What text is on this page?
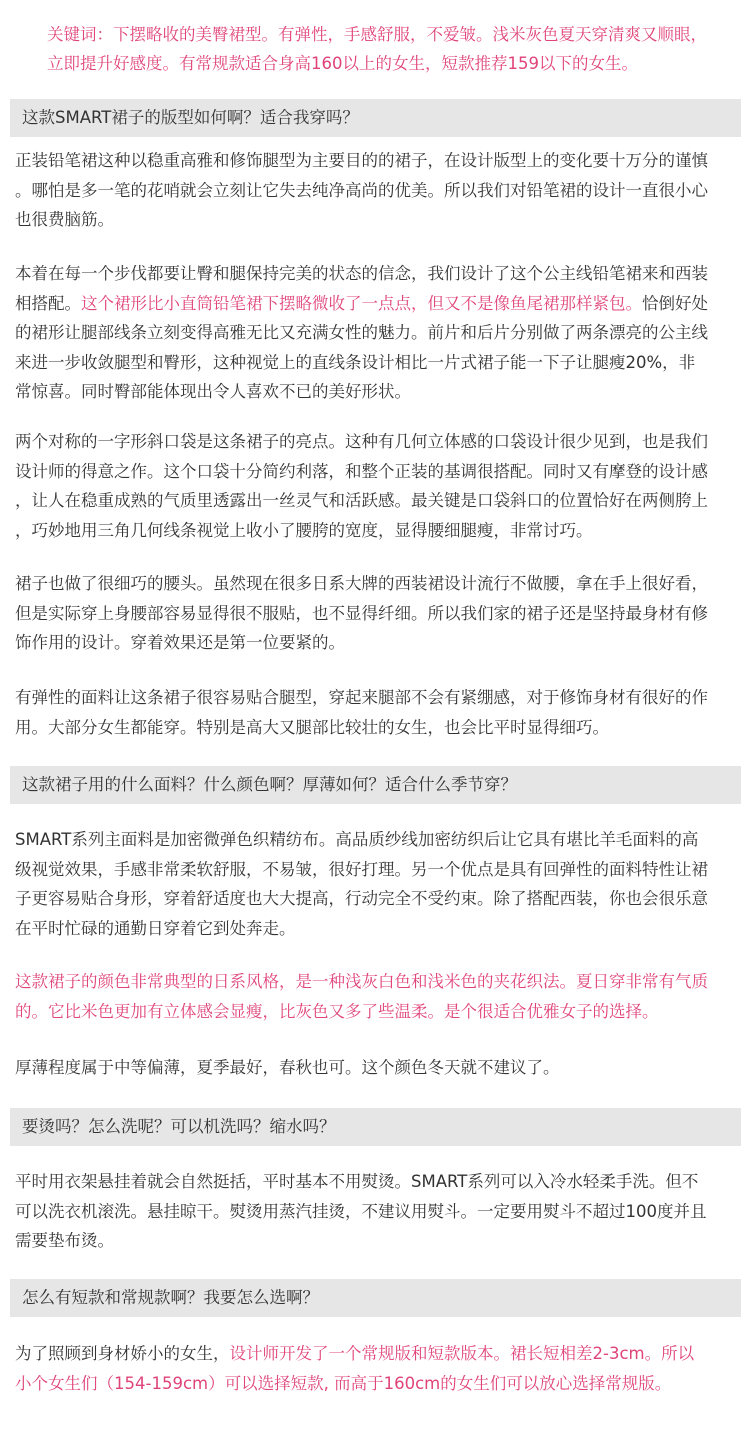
关键词：下摆略收的美臀裙型。有弹性，手感舒服，不爱皱。浅米灰色夏天穿清爽又顺眼，
立即提升好感度。有常规款适合身高160以上的女生，短款推荐159以下的女生。
这款SMART裙子的版型如何啊？适合我穿吗？
正装铅笔裙这种以稳重高雅和修饰腿型为主要目的的裙子，在设计版型上的变化要十万分的谨慎
。哪怕是多一笔的花哨就会立刻让它失去纯净高尚的优美。所以我们对铅笔裙的设计一直很小心
也很费脑筋。
本着在每一个步伐都要让臀和腿保持完美的状态的信念，我们设计了这个公主线铅笔裙来和西装
相搭配。这个裙形比小直筒铅笔裙下摆略微收了一点点，但又不是像鱼尾裙那样紧包。恰倒好处
的裙形让腿部线条立刻变得高雅无比又充满女性的魅力。前片和后片分别做了两条漂亮的公主线
来进一步收敛腿型和臀形，这种视觉上的直线条设计相比一片式裙子能一下子让腿瘦20%，非
常惊喜。同时臀部能体现出令人喜欢不已的美好形状。
两个对称的一字形斜口袋是这条裙子的亮点。这种有几何立体感的口袋设计很少见到，也是我们
设计师的得意之作。这个口袋十分简约利落，和整个正装的基调很搭配。同时又有摩登的设计感
，让人在稳重成熟的气质里透露出一丝灵气和活跃感。最关键是口袋斜口的位置恰好在两侧胯上
，巧妙地用三角几何线条视觉上收小了腰胯的宽度，显得腰细腿瘦，非常讨巧。
裙子也做了很细巧的腰头。虽然现在很多日系大牌的西装裙设计流行不做腰，拿在手上很好看，
但是实际穿上身腰部容易显得很不服贴，也不显得纤细。所以我们家的裙子还是坚持最身材有修
饰作用的设计。穿着效果还是第一位要紧的。
有弹性的面料让这条裙子很容易贴合腿型，穿起来腿部不会有紧绷感，对于修饰身材有很好的作
用。大部分女生都能穿。特别是高大又腿部比较壮的女生，也会比平时显得细巧。
这款裙子用的什么面料？什么颜色啊？厚薄如何？适合什么季节穿？
SMART系列主面料是加密微弹色织精纺布。高品质纱线加密纺织后让它具有堪比羊毛面料的高
级视觉效果，手感非常柔软舒服，不易皱，很好打理。另一个优点是具有回弹性的面料特性让裙
子更容易贴合身形，穿着舒适度也大大提高，行动完全不受约束。除了搭配西装，你也会很乐意
在平时忙碌的通勤日穿着它到处奔走。
这款裙子的颜色非常典型的日系风格，是一种浅灰白色和浅米色的夹花织法。夏日穿非常有气质
的。它比米色更加有立体感会显瘦，比灰色又多了些温柔。是个很适合优雅女子的选择。
厚薄程度属于中等偏薄，夏季最好，春秋也可。这个颜色冬天就不建议了。
要烫吗？怎么洗呢？可以机洗吗？缩水吗？
平时用衣架悬挂着就会自然挺括，平时基本不用熨烫。SMART系列可以入冷水轻柔手洗。但不
可以洗衣机滚洗。悬挂晾干。熨烫用蒸汽挂烫，不建议用熨斗。一定要用熨斗不超过100度并且
需要垫布烫。
怎么有短款和常规款啊？我要怎么选啊？
为了照顾到身材娇小的女生，设计师开发了一个常规版和短款版本。裙长短相差2-3cm。所以
小个女生们（154-159cm）可以选择短款, 而高于160cm的女生们可以放心选择常规版。
